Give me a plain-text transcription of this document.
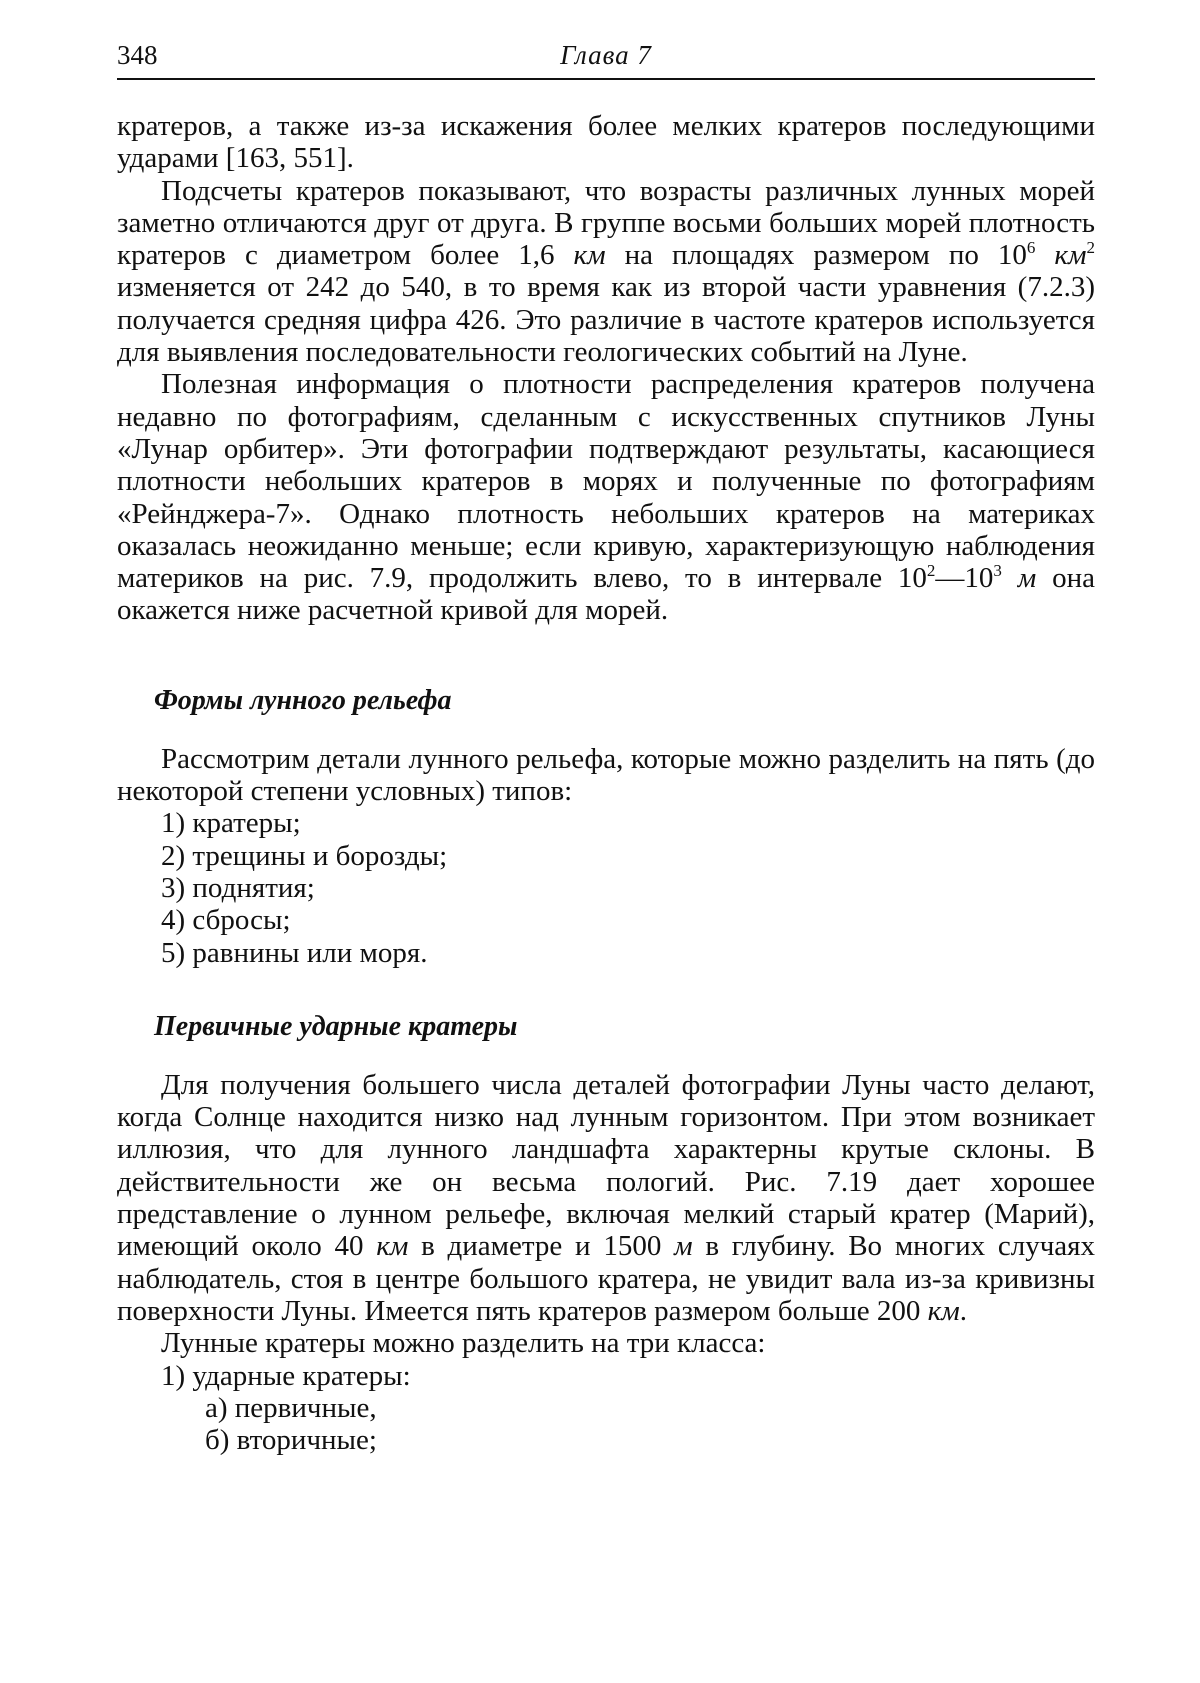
348	Глава 7

кратеров, а также из-за искажения более мелких кратеров последующими ударами [163, 551].

Подсчеты кратеров показывают, что возрасты различных лунных морей заметно отличаются друг от друга. В группе восьми больших морей плотность кратеров с диаметром более 1,6 км на площадях размером по $10^6$ $км^2$ изменяется от 242 до 540, в то время как из второй части уравнения (7.2.3) получается средняя цифра 426. Это различие в частоте кратеров используется для выявления последовательности геологических событий на Луне.

Полезная информация о плотности распределения кратеров получена недавно по фотографиям, сделанным с искусственных спутников Луны «Лунар орбитер». Эти фотографии подтверждают результаты, касающиеся плотности небольших кратеров в морях и полученные по фотографиям «Рейнджера-7». Однако плотность небольших кратеров на материках оказалась неожиданно меньше; если кривую, характеризующую наблюдения материков на рис. 7.9, продолжить влево, то в интервале $10^2—10^3$ м она окажется ниже расчетной кривой для морей.

Формы лунного рельефа

Рассмотрим детали лунного рельефа, которые можно разделить на пять (до некоторой степени условных) типов:

1) кратеры;
2) трещины и борозды;
3) поднятия;
4) сбросы;
5) равнины или моря.
Первичные ударные кратеры

Для получения большего числа деталей фотографии Луны часто делают, когда Солнце находится низко над лунным горизонтом. При этом возникает иллюзия, что для лунного ландшафта характерны крутые склоны. В действительности же он весьма пологий. Рис. 7.19 дает хорошее представление о лунном рельефе, включая мелкий старый кратер (Марий), имеющий около 40 км в диаметре и 1500 м в глубину. Во многих случаях наблюдатель, стоя в центре большого кратера, не увидит вала из-за кривизны поверхности Луны. Имеется пять кратеров размером больше 200 км.

Лунные кратеры можно разделить на три класса:

1) ударные кратеры:
а) первичные,
б) вторичные;
